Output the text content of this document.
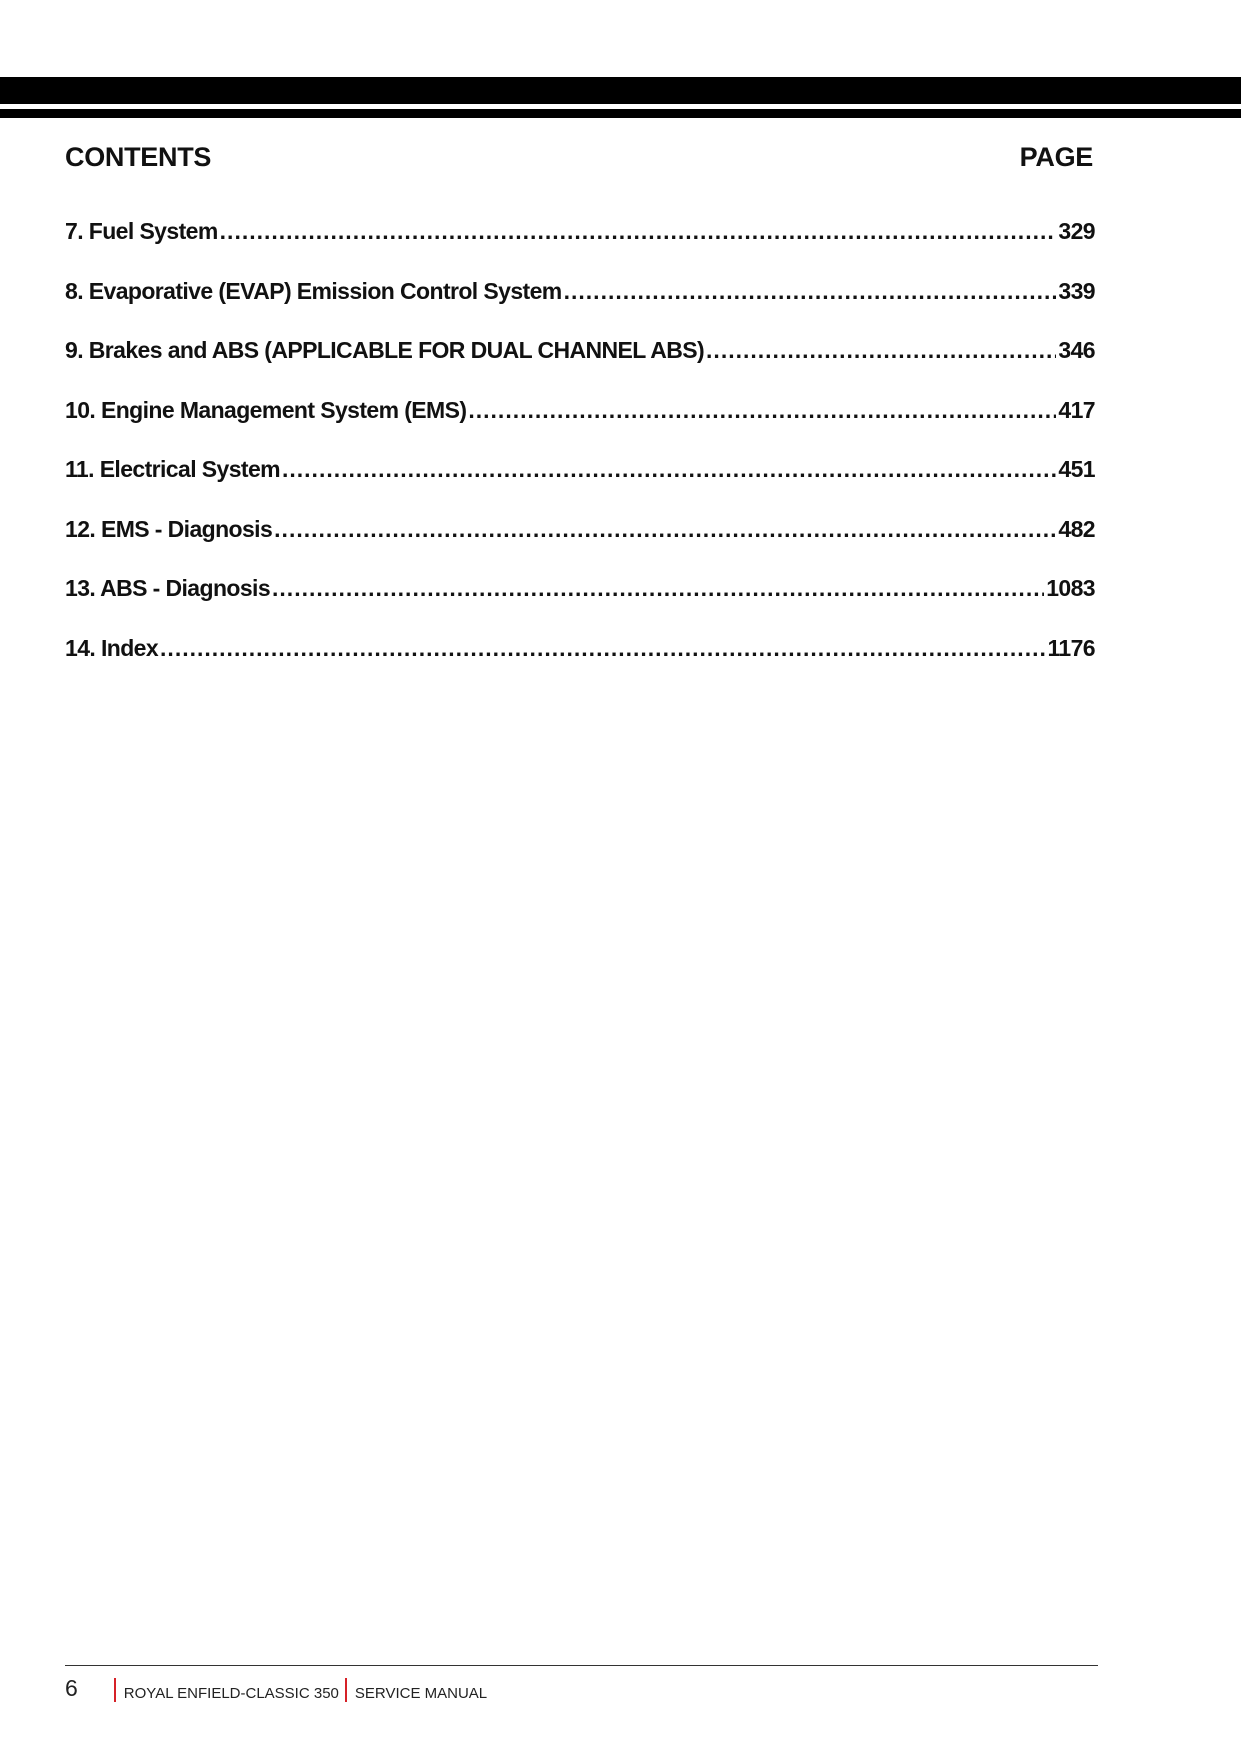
CONTENTS	PAGE
7. Fuel System .....	329
8. Evaporative (EVAP) Emission Control System .....	339
9. Brakes and ABS (APPLICABLE FOR DUAL CHANNEL ABS) .....	346
10. Engine Management System (EMS) .....	417
11. Electrical System .....	451
12. EMS - Diagnosis .....	482
13. ABS - Diagnosis .....	1083
14. Index .....	1176
6	ROYAL ENFIELD-CLASSIC 350 SERVICE MANUAL
